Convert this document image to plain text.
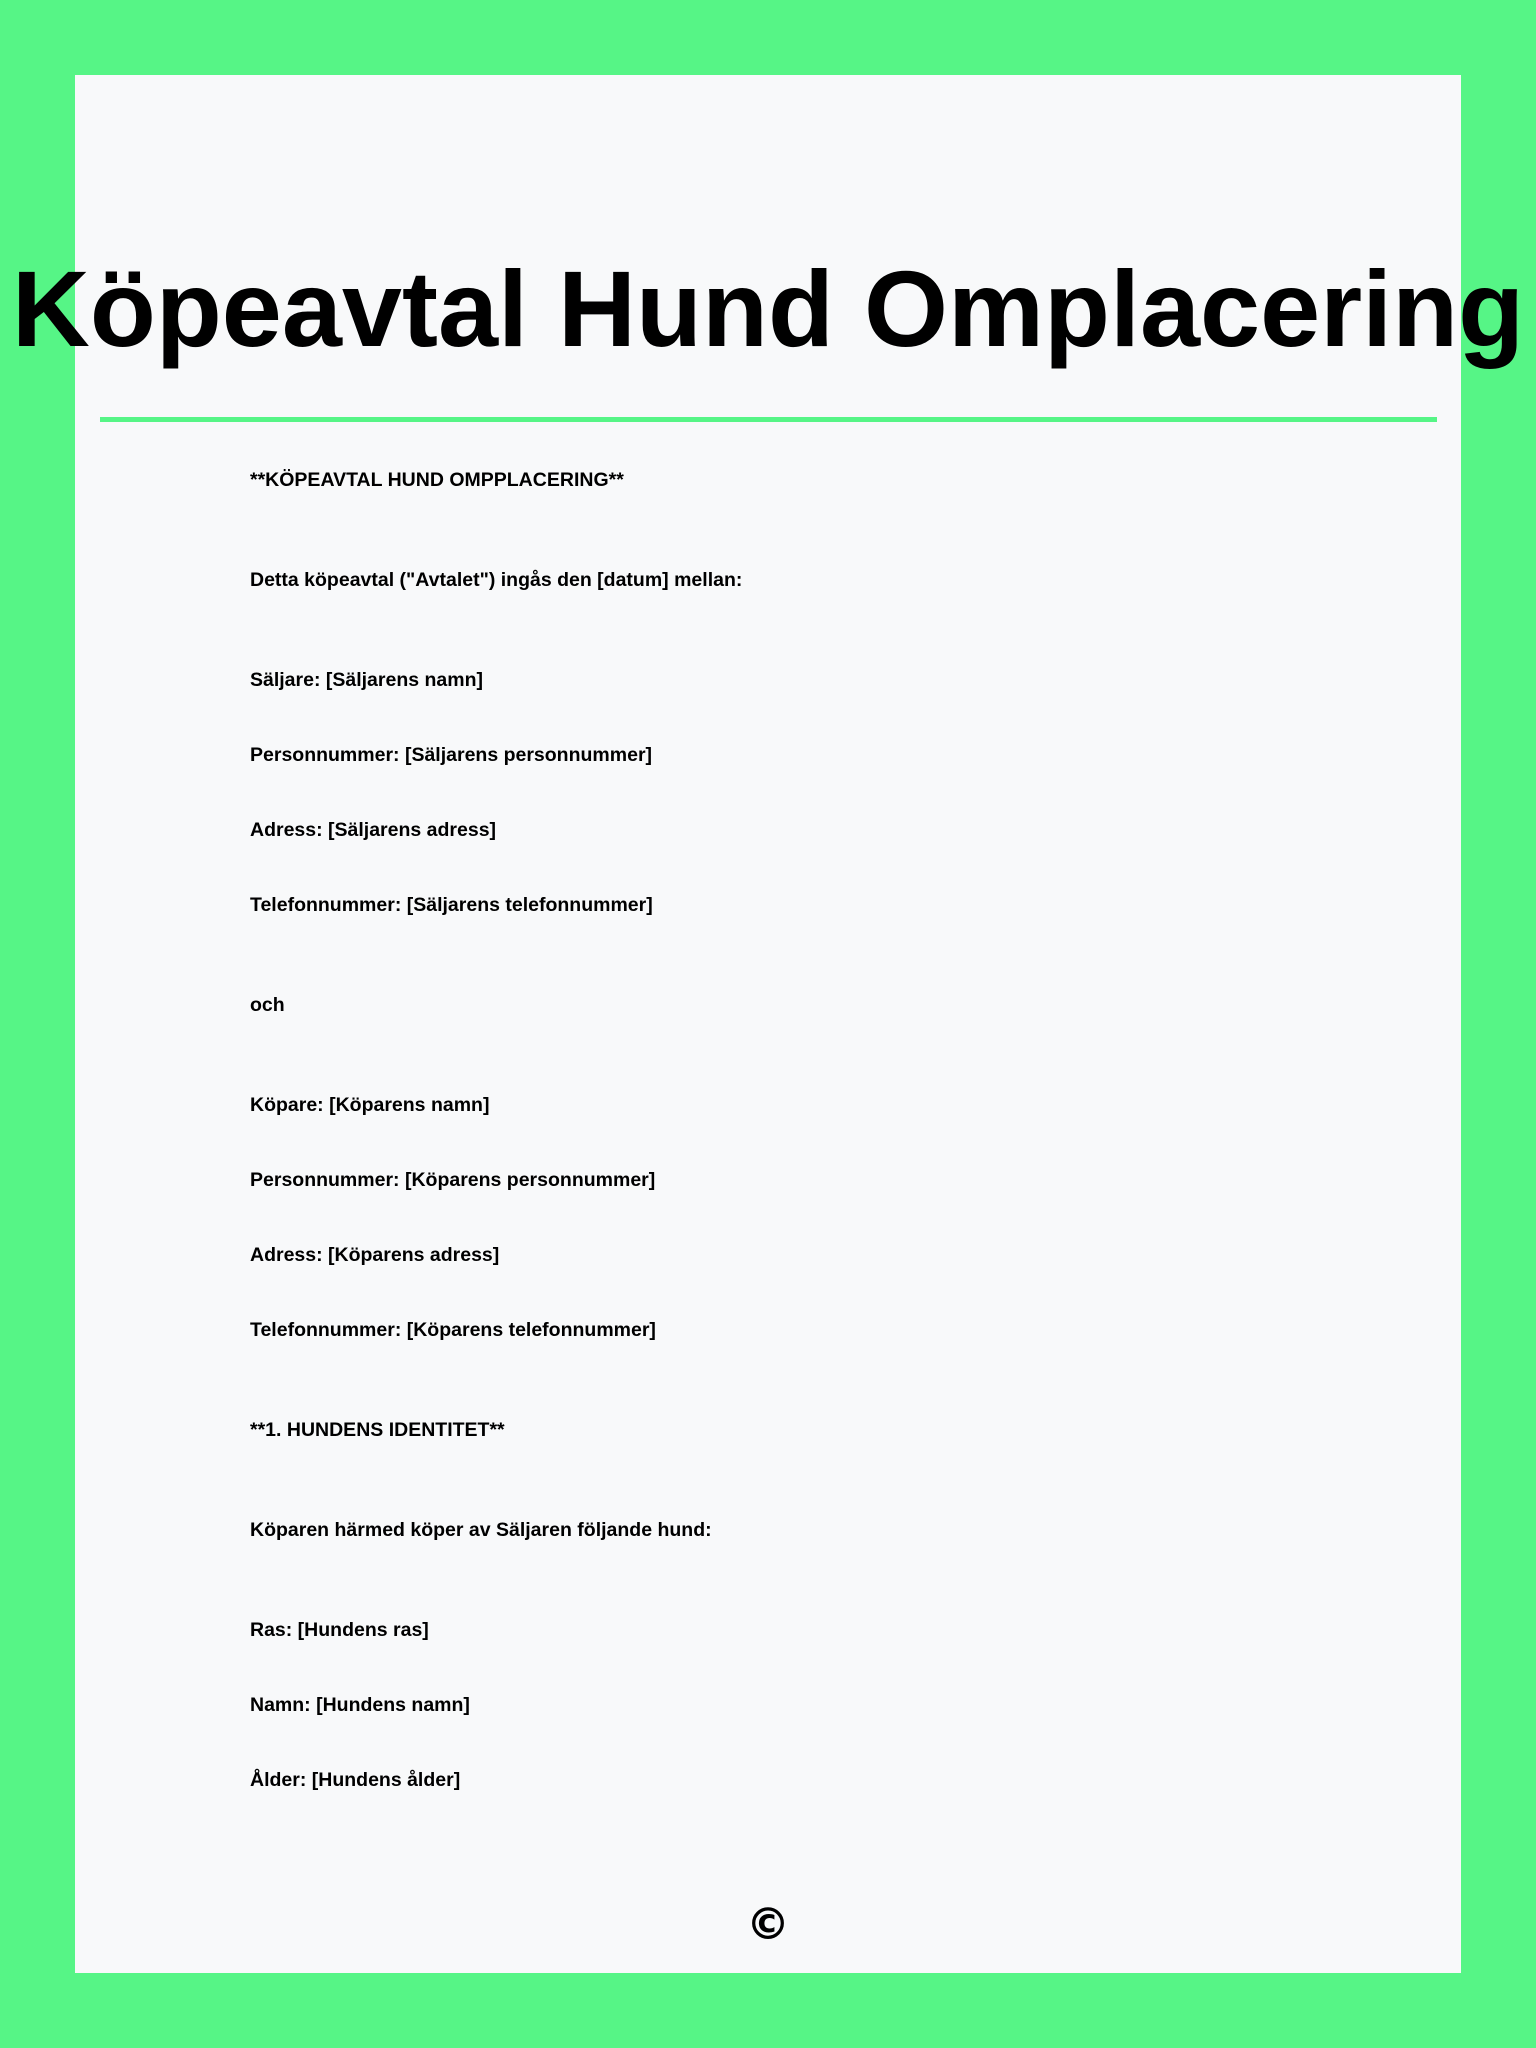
Köpeavtal Hund Omplacering
**KÖPEAVTAL HUND OMPPLACERING**
Detta köpeavtal ("Avtalet") ingås den [datum] mellan:
Säljare: [Säljarens namn]
Personnummer: [Säljarens personnummer]
Adress: [Säljarens adress]
Telefonnummer: [Säljarens telefonnummer]
och
Köpare: [Köparens namn]
Personnummer: [Köparens personnummer]
Adress: [Köparens adress]
Telefonnummer: [Köparens telefonnummer]
**1. HUNDENS IDENTITET**
Köparen härmed köper av Säljaren följande hund:
Ras: [Hundens ras]
Namn: [Hundens namn]
Ålder: [Hundens ålder]
©
